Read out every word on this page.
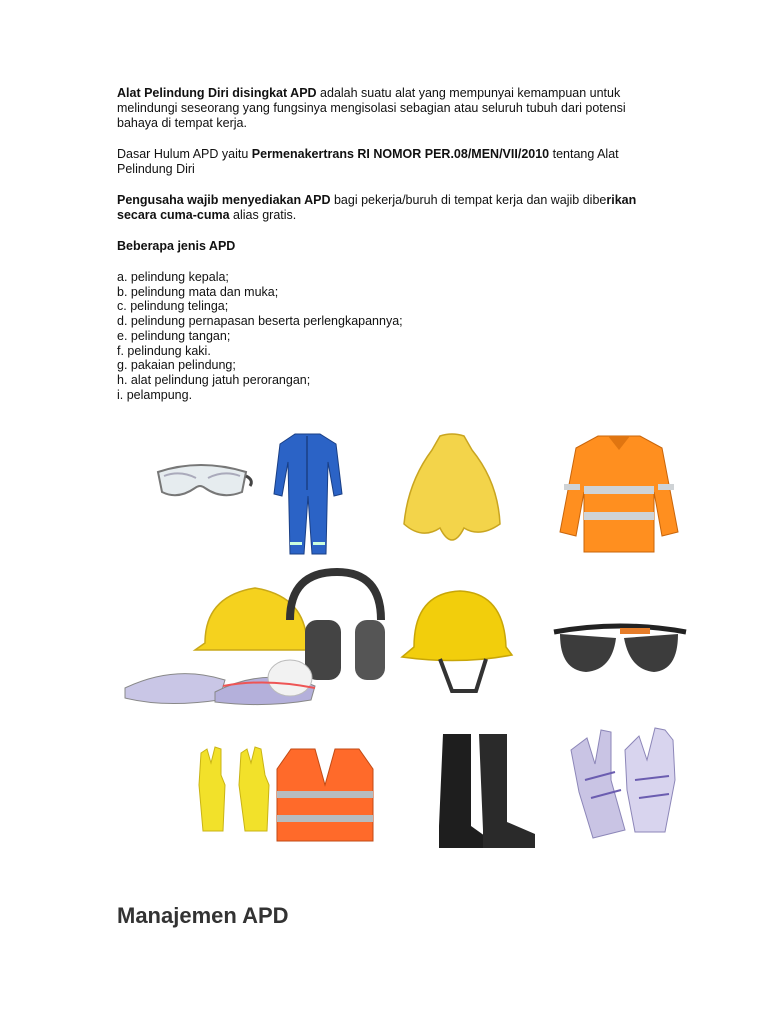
Alat Pelindung Diri disingkat APD adalah suatu alat yang mempunyai kemampuan untuk melindungi seseorang yang fungsinya mengisolasi sebagian atau seluruh tubuh dari potensi bahaya di tempat kerja.

Dasar Hulum APD yaitu Permenakertrans RI NOMOR PER.08/MEN/VII/2010 tentang Alat Pelindung Diri

Pengusaha wajib menyediakan APD bagi pekerja/buruh di tempat kerja dan wajib diberikan secara cuma-cuma alias gratis.

Beberapa jenis APD

a. pelindung kepala;
b. pelindung mata dan muka;
c. pelindung telinga;
d. pelindung pernapasan beserta perlengkapannya;
e. pelindung tangan;
f. pelindung kaki.
g. pakaian pelindung;
h. alat pelindung jatuh perorangan;
i. pelampung.
Manajemen APD
